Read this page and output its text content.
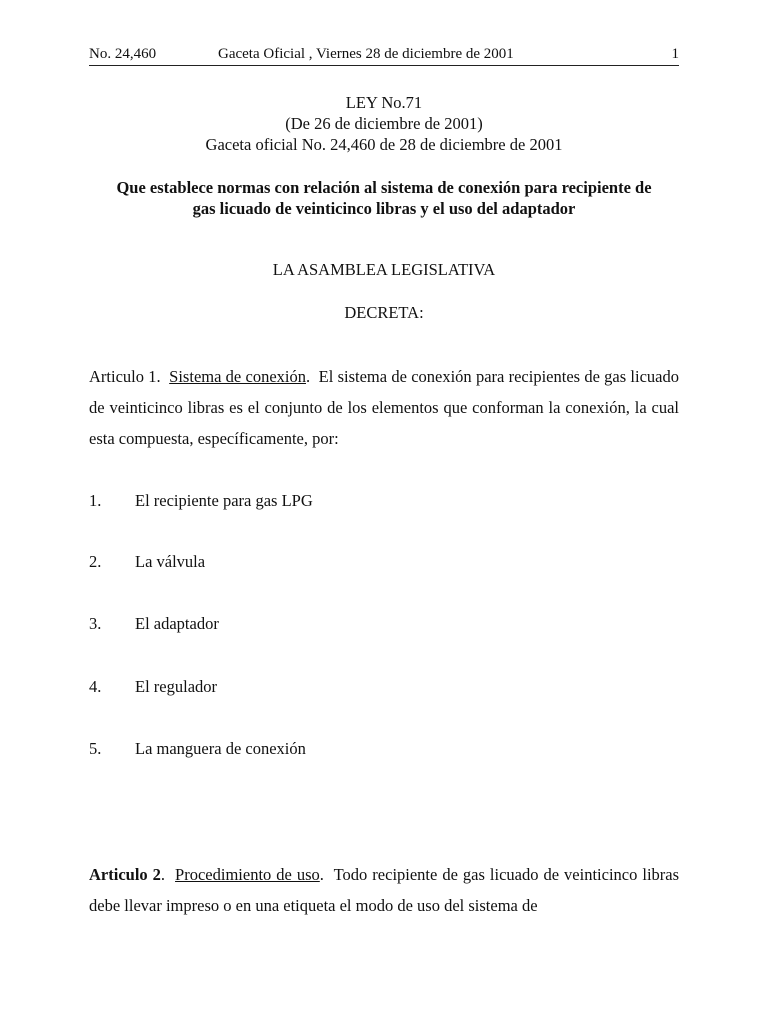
No. 24,460	Gaceta Oficial , Viernes 28 de diciembre de 2001	1
LEY No.71
(De 26 de diciembre de 2001)
Gaceta oficial No. 24,460 de 28 de diciembre de 2001
Que establece normas con relación al sistema de conexión para recipiente de
gas licuado de veinticinco libras y el uso del adaptador
LA ASAMBLEA LEGISLATIVA
DECRETA:
Articulo 1. Sistema de conexión.  El sistema de conexión para recipientes de gas licuado de veinticinco libras es el conjunto de los elementos que conforman la conexión, la cual esta compuesta, específicamente, por:
1. El recipiente para gas LPG
2. La válvula
3. El adaptador
4. El regulador
5. La manguera de conexión
Articulo 2.  Procedimiento de uso.  Todo recipiente de gas licuado de veinticinco libras debe llevar impreso o en una etiqueta el modo de uso del sistema de
